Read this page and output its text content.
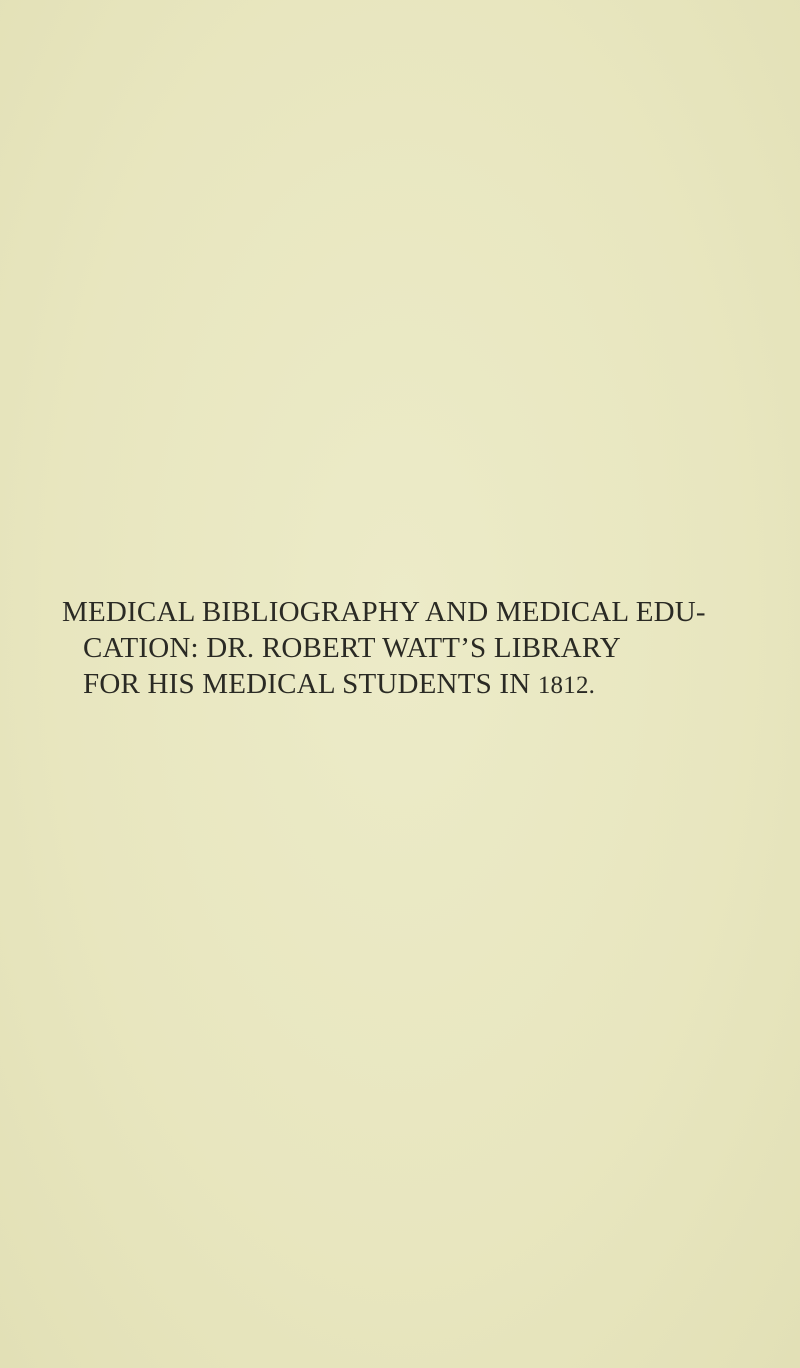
MEDICAL BIBLIOGRAPHY AND MEDICAL EDU-
CATION: DR. ROBERT WATT’S LIBRARY
FOR HIS MEDICAL STUDENTS IN 1812.
